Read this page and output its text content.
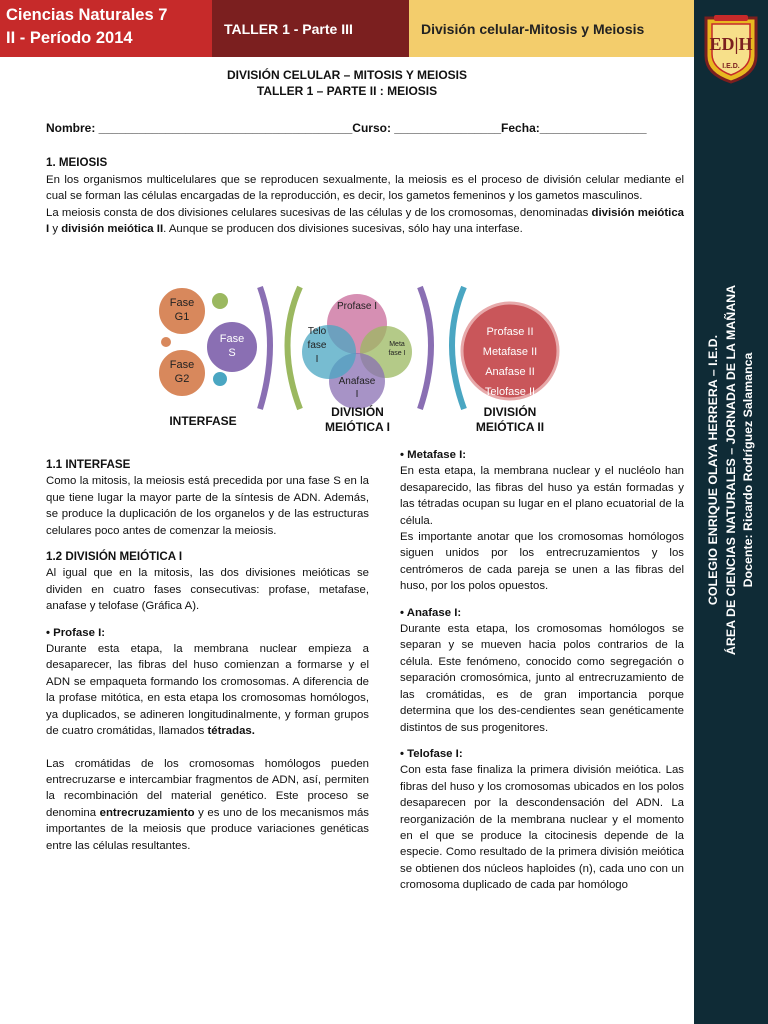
Ciencias Naturales 7
II - Período 2014
TALLER 1 - Parte III	División celular-Mitosis y Meiosis
ED|H
I.E.D.
COLEGIO ENRIQUE OLAYA HERRERA – I.E.D. ÁREA DE CIENCIAS NATURALES – JORNADA DE LA MAÑANA Docente: Ricardo Rodríguez Salamanca
DIVISIÓN CELULAR – MITOSIS Y MEIOSIS
TALLER 1 – PARTE II : MEIOSIS
Nombre: ______________________________________Curso: ________________Fecha:________________
1. MEIOSIS

En los organismos multicelulares que se reproducen sexualmente, la meiosis es el proceso de división celular mediante el cual se forman las células encargadas de la reproducción, es decir, los gametos femeninos y los gametos masculinos.

La meiosis consta de dos divisiones celulares sucesivas de las células y de los cromosomas, denominadas división meiótica I y división meiótica II. Aunque se producen dos divisiones sucesivas, sólo hay una interfase.

Fase
G1
Fase
S
Fase
G2
Profase I
Telo
fase
I
Meta
fase I
Anafase
I
Profase II
Metafase II
Anafase II
Telofase II
INTERFASE
DIVISIÓN
MEIÓTICA I
DIVISIÓN
MEIÓTICA II
1.1 INTERFASE

Como la mitosis, la meiosis está precedida por una fase S en la que tiene lugar la mayor parte de la síntesis de ADN. Además, se produce la duplicación de los organelos y de las estructuras celulares poco antes de comenzar la meiosis.

1.2 DIVISIÓN MEIÓTICA I

Al igual que en la mitosis, las dos divisiones meióticas se dividen en cuatro fases consecutivas: profase, metafase, anafase y telofase (Gráfica A).

• Profase I:

Durante esta etapa, la membrana nuclear empieza a desaparecer, las fibras del huso comienzan a formarse y el ADN se empaqueta formando los cromosomas. A diferencia de la profase mitótica, en esta etapa los cromosomas homólogos, ya duplicados, se adineren longitudinalmente, y forman grupos de cuatro cromátidas, llamados tétradas.

Las cromátidas de los cromosomas homólogos pueden entrecruzarse e intercambiar fragmentos de ADN, así, permiten la recombinación del material genético. Este proceso se denomina entrecruzamiento y es uno de los mecanismos más importantes de la meiosis que produce variaciones genéticas entre las células resultantes.

• Metafase I:

En esta etapa, la membrana nuclear y el nucléolo han desaparecido, las fibras del huso ya están formadas y las tétradas ocupan su lugar en el plano ecuatorial de la célula.

Es importante anotar que los cromosomas homólogos siguen unidos por los entrecruzamientos y los centrómeros de cada pareja se unen a las fibras del huso, por los polos opuestos.

• Anafase I:

Durante esta etapa, los cromosomas homólogos se separan y se mueven hacia polos contrarios de la célula. Este fenómeno, conocido como segregación o separación cromosómica, junto al entrecruzamiento de las cromátidas, es de gran importancia porque determina que los des-cendientes sean genéticamente distintos de sus progenitores.

• Telofase I:

Con esta fase finaliza la primera división meiótica. Las fibras del huso y los cromosomas ubicados en los polos desaparecen por la descondensación del ADN. La reorganización de la membrana nuclear y el momento en el que se produce la citocinesis depende de la especie. Como resultado de la primera división meiótica se obtienen dos núcleos haploides (n), cada uno con un cromosoma duplicado de cada par homólogo
